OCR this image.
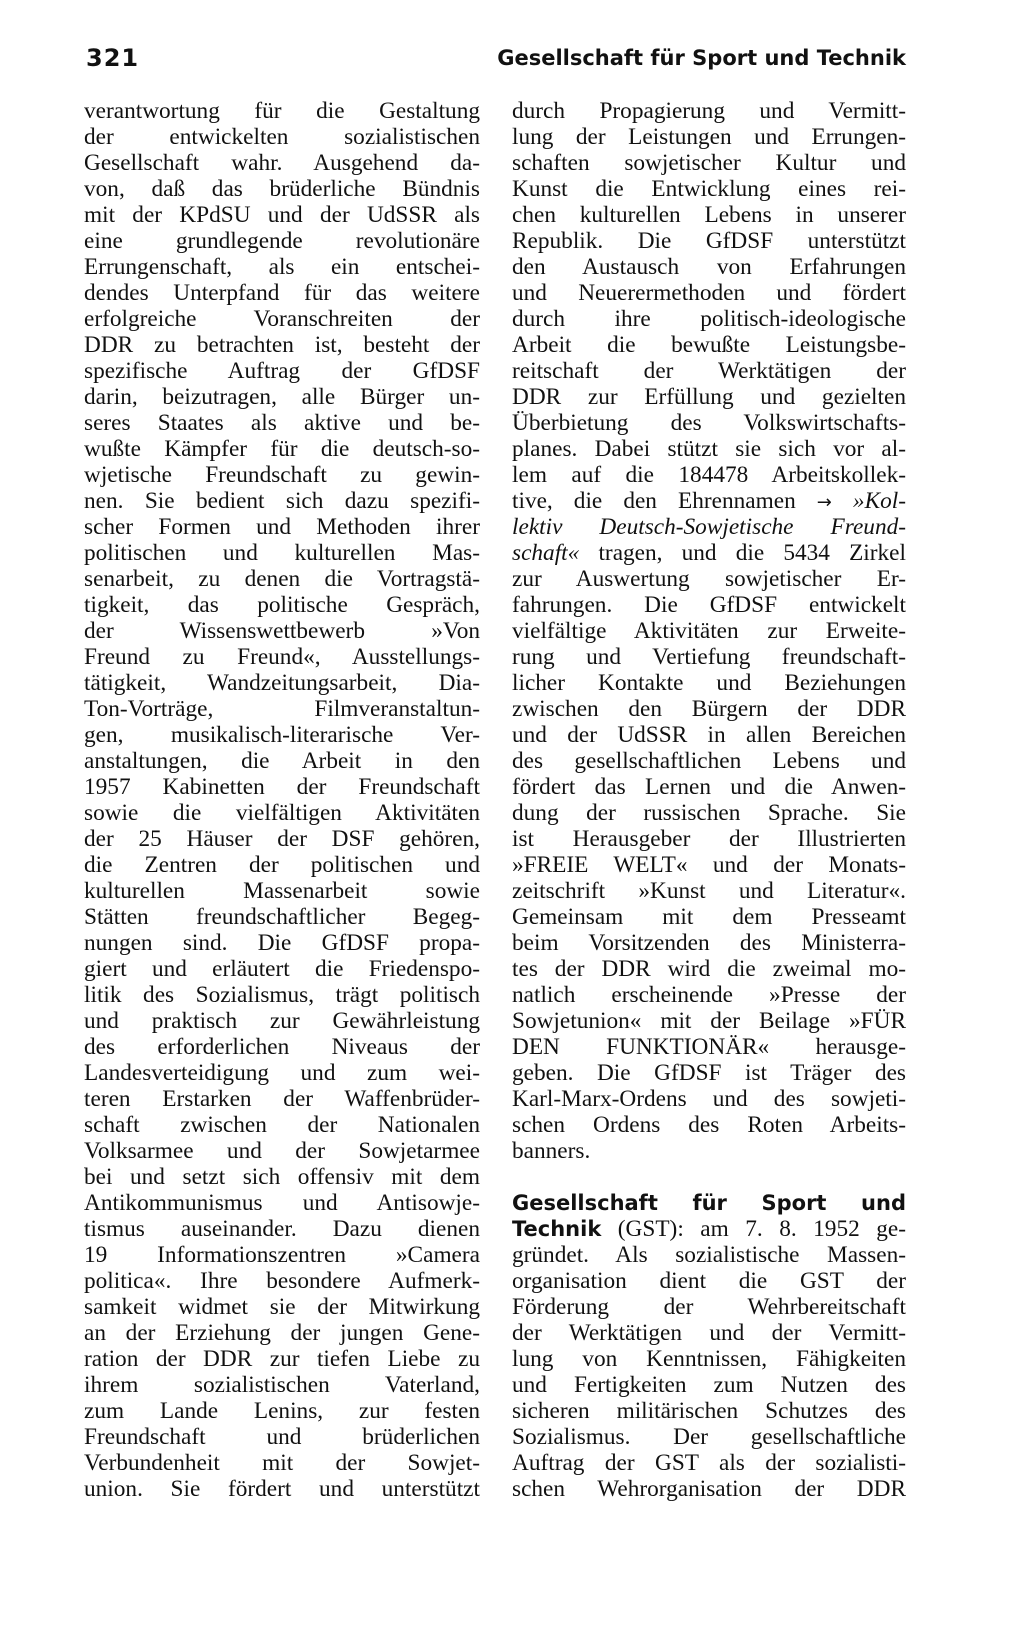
321	Gesellschaft für Sport und Technik
verantwortung für die Gestaltung
der entwickelten sozialistischen
Gesellschaft wahr. Ausgehend da-
von, daß das brüderliche Bündnis
mit der KPdSU und der UdSSR als
eine grundlegende revolutionäre
Errungenschaft, als ein entschei-
dendes Unterpfand für das weitere
erfolgreiche Voranschreiten der
DDR zu betrachten ist, besteht der
spezifische Auftrag der GfDSF
darin, beizutragen, alle Bürger un-
seres Staates als aktive und be-
wußte Kämpfer für die deutsch-so-
wjetische Freundschaft zu gewin-
nen. Sie bedient sich dazu spezifi-
scher Formen und Methoden ihrer
politischen und kulturellen Mas-
senarbeit, zu denen die Vortragstä-
tigkeit, das politische Gespräch,
der Wissenswettbewerb »Von
Freund zu Freund«, Ausstellungs-
tätigkeit, Wandzeitungsarbeit, Dia-
Ton-Vorträge, Filmveranstaltun-
gen, musikalisch-literarische Ver-
anstaltungen, die Arbeit in den
1957 Kabinetten der Freundschaft
sowie die vielfältigen Aktivitäten
der 25 Häuser der DSF gehören,
die Zentren der politischen und
kulturellen Massenarbeit sowie
Stätten freundschaftlicher Begeg-
nungen sind. Die GfDSF propa-
giert und erläutert die Friedenspo-
litik des Sozialismus, trägt politisch
und praktisch zur Gewährleistung
des erforderlichen Niveaus der
Landesverteidigung und zum wei-
teren Erstarken der Waffenbrüder-
schaft zwischen der Nationalen
Volksarmee und der Sowjetarmee
bei und setzt sich offensiv mit dem
Antikommunismus und Antisowje-
tismus auseinander. Dazu dienen
19 Informationszentren »Camera
politica«. Ihre besondere Aufmerk-
samkeit widmet sie der Mitwirkung
an der Erziehung der jungen Gene-
ration der DDR zur tiefen Liebe zu
ihrem sozialistischen Vaterland,
zum Lande Lenins, zur festen
Freundschaft und brüderlichen
Verbundenheit mit der Sowjet-
union. Sie fördert und unterstützt
durch Propagierung und Vermitt-
lung der Leistungen und Errungen-
schaften sowjetischer Kultur und
Kunst die Entwicklung eines rei-
chen kulturellen Lebens in unserer
Republik. Die GfDSF unterstützt
den Austausch von Erfahrungen
und Neuerermethoden und fördert
durch ihre politisch-ideologische
Arbeit die bewußte Leistungsbe-
reitschaft der Werktätigen der
DDR zur Erfüllung und gezielten
Überbietung des Volkswirtschafts-
planes. Dabei stützt sie sich vor al-
lem auf die 184478 Arbeitskollek-
tive, die den Ehrennamen → »Kol-
lektiv Deutsch-Sowjetische Freund-
schaft« tragen, und die 5434 Zirkel
zur Auswertung sowjetischer Er-
fahrungen. Die GfDSF entwickelt
vielfältige Aktivitäten zur Erweite-
rung und Vertiefung freundschaft-
licher Kontakte und Beziehungen
zwischen den Bürgern der DDR
und der UdSSR in allen Bereichen
des gesellschaftlichen Lebens und
fördert das Lernen und die Anwen-
dung der russischen Sprache. Sie
ist Herausgeber der Illustrierten
»FREIE WELT« und der Monats-
zeitschrift »Kunst und Literatur«.
Gemeinsam mit dem Presseamt
beim Vorsitzenden des Ministerra-
tes der DDR wird die zweimal mo-
natlich erscheinende »Presse der
Sowjetunion« mit der Beilage »FÜR
DEN FUNKTIONÄR« herausge-
geben. Die GfDSF ist Träger des
Karl-Marx-Ordens und des sowjeti-
schen Ordens des Roten Arbeits-
banners.
Gesellschaft für Sport und
Technik (GST): am 7. 8. 1952 ge-
gründet. Als sozialistische Massen-
organisation dient die GST der
Förderung der Wehrbereitschaft
der Werktätigen und der Vermitt-
lung von Kenntnissen, Fähigkeiten
und Fertigkeiten zum Nutzen des
sicheren militärischen Schutzes des
Sozialismus. Der gesellschaftliche
Auftrag der GST als der sozialisti-
schen Wehrorganisation der DDR
